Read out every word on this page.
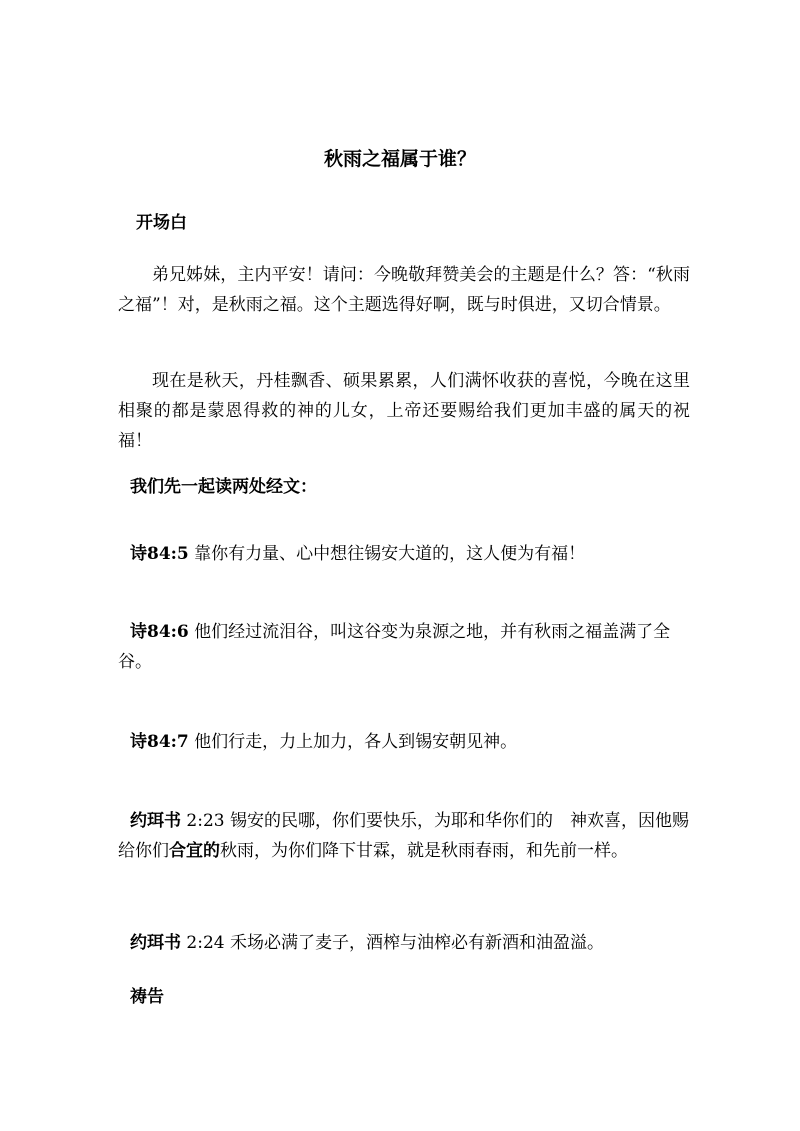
秋雨之福属于谁？
开场白
弟兄姊妹，主内平安！请问：今晚敬拜赞美会的主题是什么？答：“秋雨之福”！对，是秋雨之福。这个主题选得好啊，既与时俱进，又切合情景。
现在是秋天，丹桂飘香、硕果累累，人们满怀收获的喜悦，今晚在这里相聚的都是蒙恩得救的神的儿女，上帝还要赐给我们更加丰盛的属天的祝福！
我们先一起读两处经文：
诗84:5 靠你有力量、心中想往锡安大道的，这人便为有福！
诗84:6 他们经过流泪谷，叫这谷变为泉源之地，并有秋雨之福盖满了全谷。
诗84:7 他们行走，力上加力，各人到锡安朝见神。
约珥书 2:23 锡安的民哪，你们要快乐，为耶和华你们的　神欢喜，因他赐给你们合宜的秋雨，为你们降下甘霖，就是秋雨春雨，和先前一样。
约珥书 2:24 禾场必满了麦子，酒榨与油榨必有新酒和油盈溢。
祷告
